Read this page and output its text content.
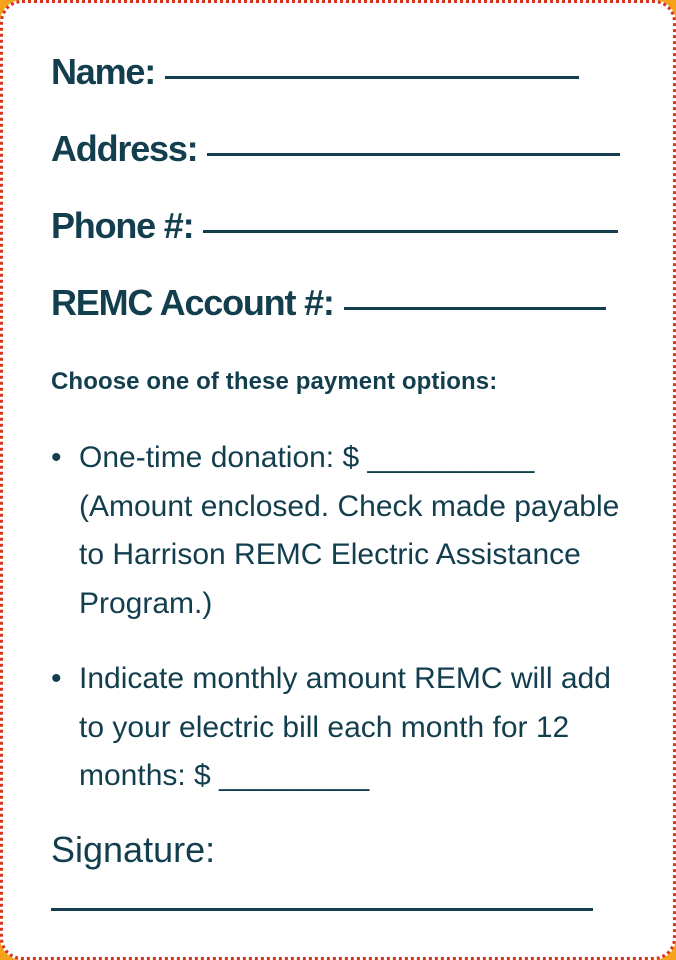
Name:
Address:
Phone #:
REMC Account #:
Choose one of these payment options:
• One-time donation: $ __________ (Amount enclosed. Check made payable to Harrison REMC Electric Assistance Program.)
• Indicate monthly amount REMC will add to your electric bill each month for 12 months: $ _________
Signature:
